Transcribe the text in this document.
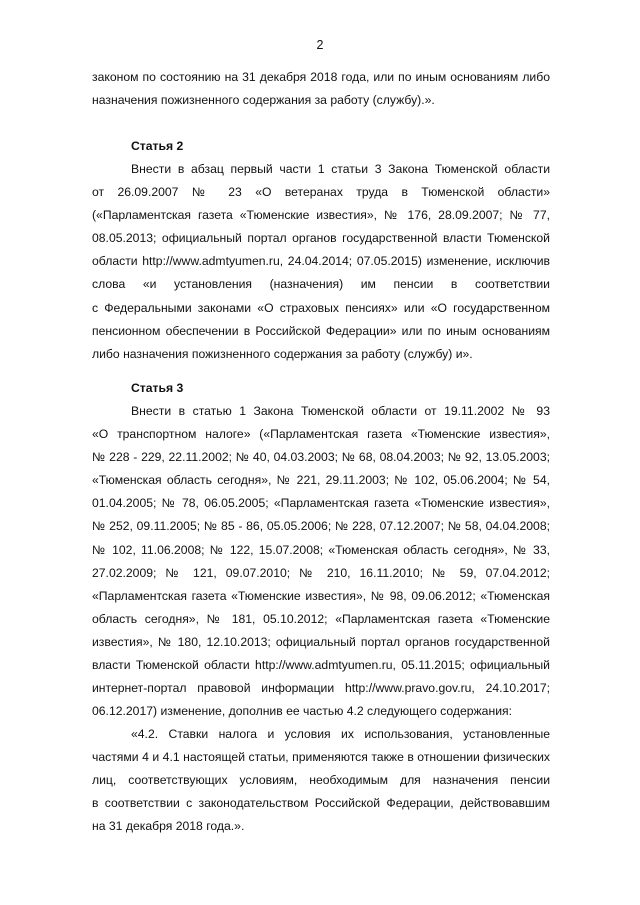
2
законом по состоянию на 31 декабря 2018 года, или по иным основаниям либо
назначения пожизненного содержания за работу (службу).».
Статья 2
Внести в абзац первый части 1 статьи 3 Закона Тюменской области
от 26.09.2007 № 23 «О ветеранах труда в Тюменской области»
(«Парламентская газета «Тюменские известия», № 176, 28.09.2007; № 77,
08.05.2013; официальный портал органов государственной власти Тюменской
области http://www.admtyumen.ru, 24.04.2014; 07.05.2015) изменение, исключив
слова «и установления (назначения) им пенсии в соответствии
с Федеральными законами «О страховых пенсиях» или «О государственном
пенсионном обеспечении в Российской Федерации» или по иным основаниям
либо назначения пожизненного содержания за работу (службу) и».
Статья 3
Внести в статью 1 Закона Тюменской области от 19.11.2002 № 93
«О транспортном налоге» («Парламентская газета «Тюменские известия»,
№ 228 - 229, 22.11.2002; № 40, 04.03.2003; № 68, 08.04.2003; № 92, 13.05.2003;
«Тюменская область сегодня», № 221, 29.11.2003; № 102, 05.06.2004; № 54,
01.04.2005; № 78, 06.05.2005; «Парламентская газета «Тюменские известия»,
№ 252, 09.11.2005; № 85 - 86, 05.05.2006; № 228, 07.12.2007; № 58, 04.04.2008;
№ 102, 11.06.2008; № 122, 15.07.2008; «Тюменская область сегодня», № 33,
27.02.2009; № 121, 09.07.2010; № 210, 16.11.2010; № 59, 07.04.2012;
«Парламентская газета «Тюменские известия», № 98, 09.06.2012; «Тюменская
область сегодня», № 181, 05.10.2012; «Парламентская газета «Тюменские
известия», № 180, 12.10.2013; официальный портал органов государственной
власти Тюменской области http://www.admtyumen.ru, 05.11.2015; официальный
интернет-портал правовой информации http://www.pravo.gov.ru, 24.10.2017;
06.12.2017) изменение, дополнив ее частью 4.2 следующего содержания:
«4.2. Ставки налога и условия их использования, установленные
частями 4 и 4.1 настоящей статьи, применяются также в отношении физических
лиц, соответствующих условиям, необходимым для назначения пенсии
в соответствии с законодательством Российской Федерации, действовавшим
на 31 декабря 2018 года.».
